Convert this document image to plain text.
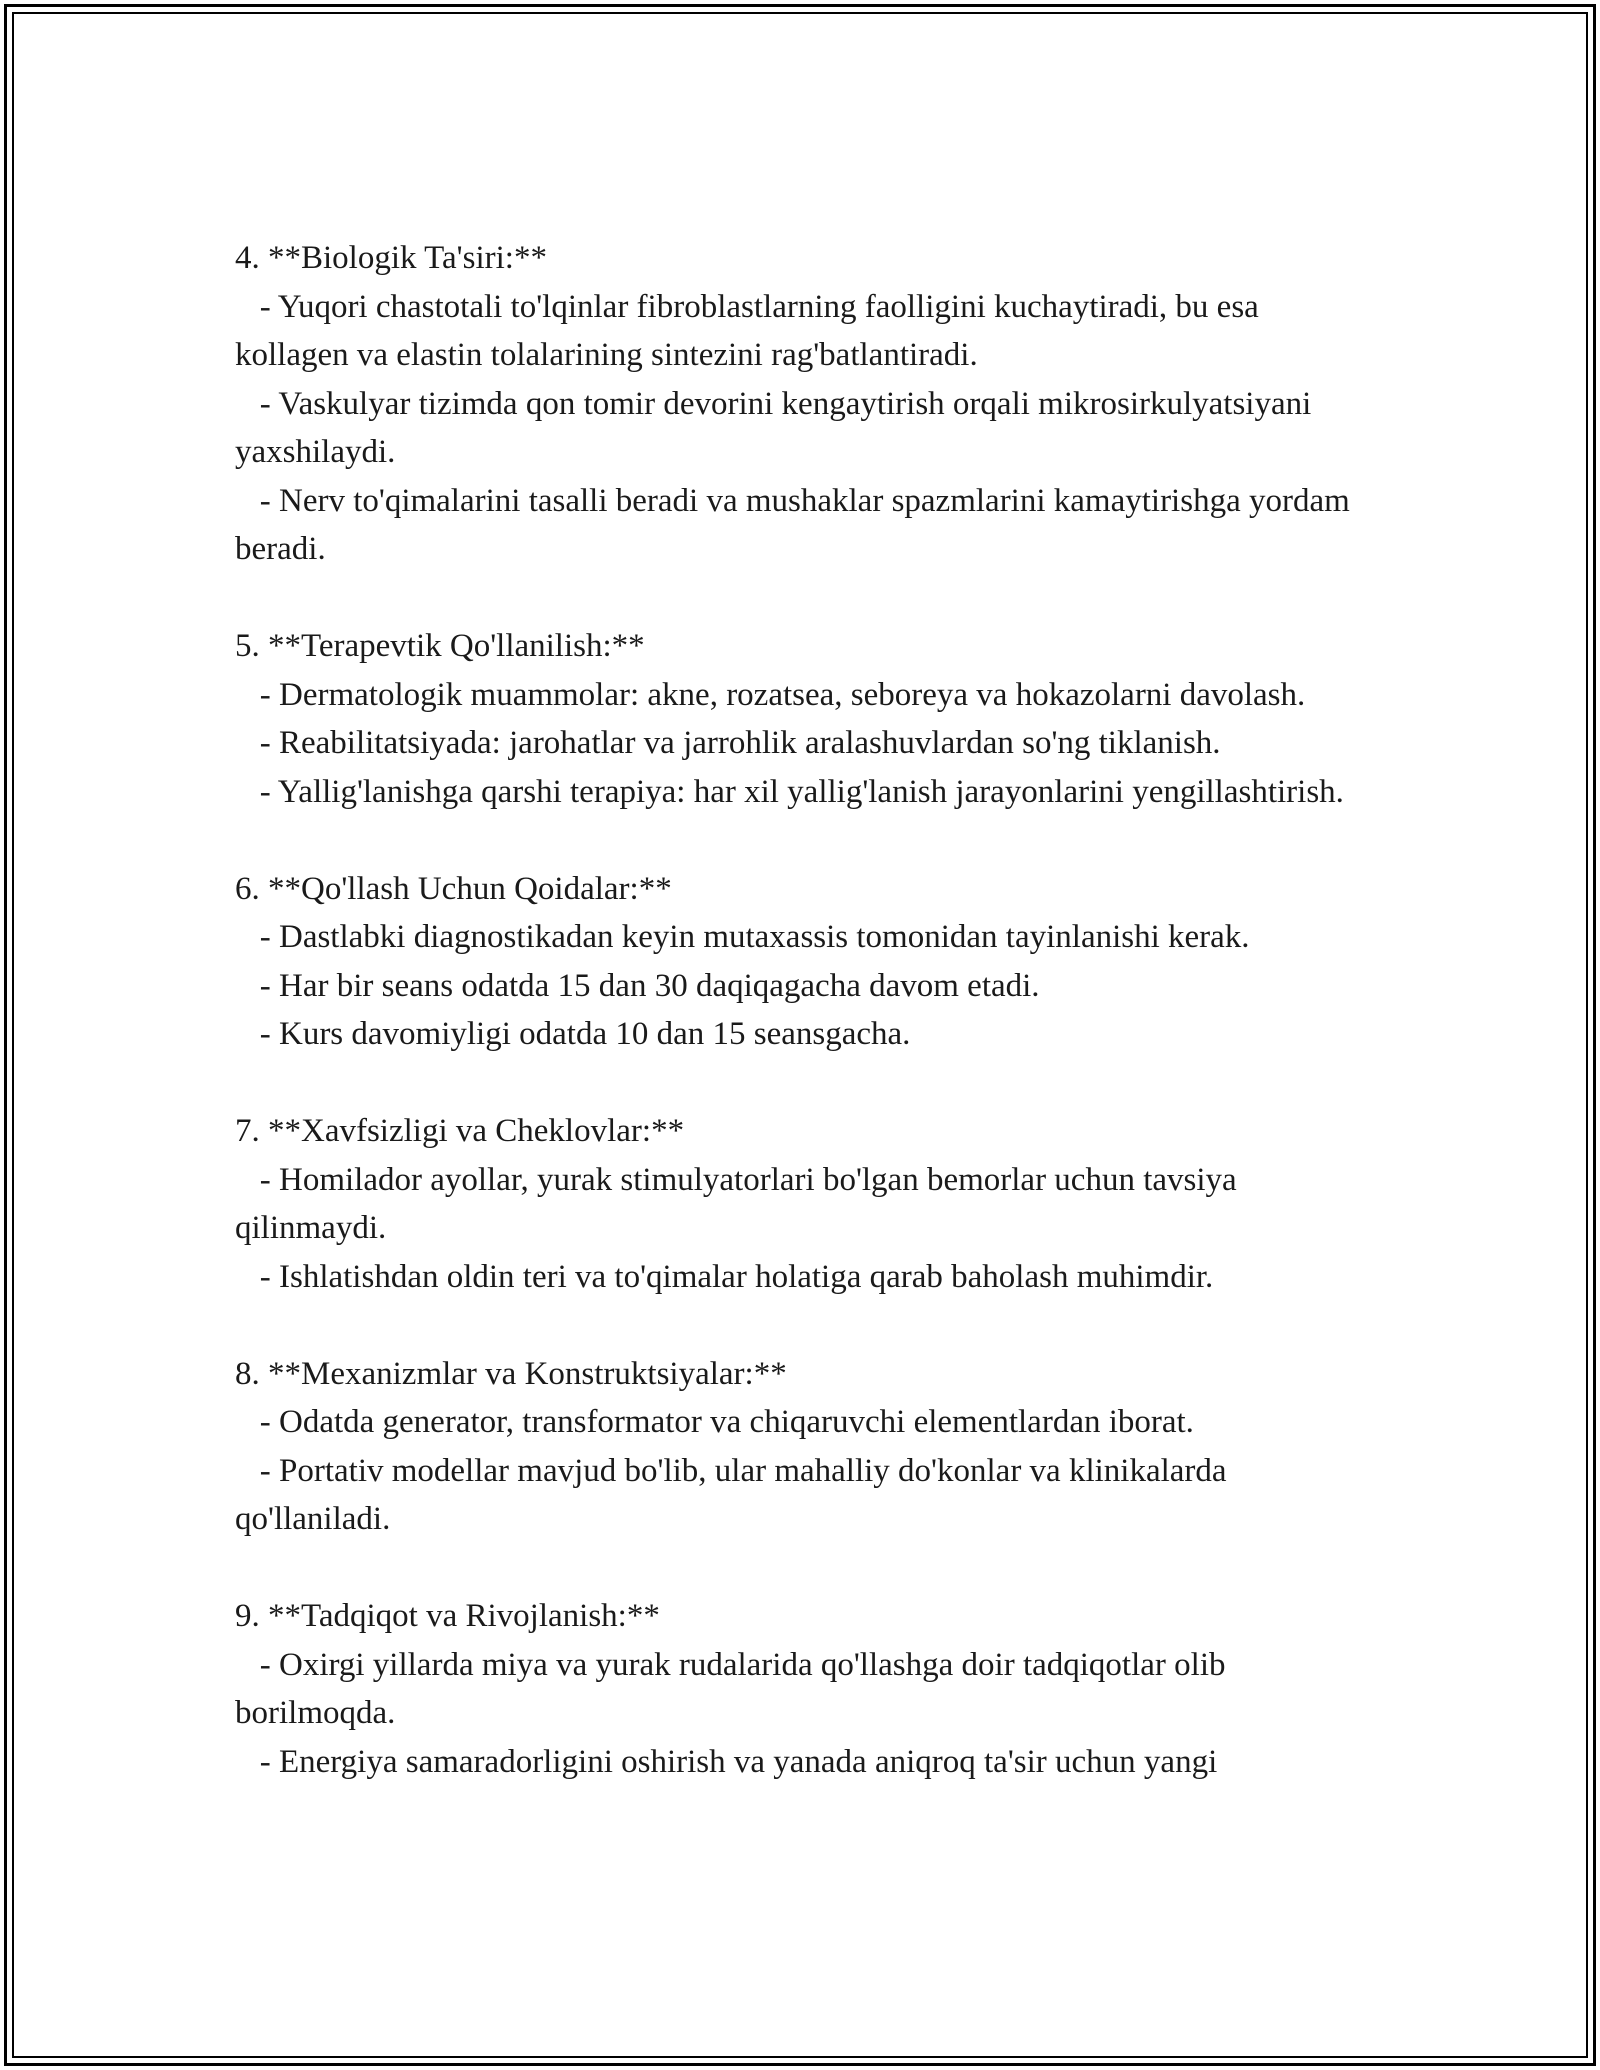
4. **Biologik Ta'siri:**
- Yuqori chastotali to'lqinlar fibroblastlarning faolligini kuchaytiradi, bu esa kollagen va elastin tolalarining sintezini rag'batlantiradi.
- Vaskulyar tizimda qon tomir devorini kengaytirish orqali mikrosirkulyatsiyani yaxshilaydi.
- Nerv to'qimalarini tasalli beradi va mushaklar spazmlarini kamaytirishga yordam beradi.
5. **Terapevtik Qo'llanilish:**
- Dermatologik muammolar: akne, rozatsea, seboreya va hokazolarni davolash.
- Reabilitatsiyada: jarohatlar va jarrohlik aralashuvlardan so'ng tiklanish.
- Yallig'lanishga qarshi terapiya: har xil yallig'lanish jarayonlarini yengillashtirish.
6. **Qo'llash Uchun Qoidalar:**
- Dastlabki diagnostikadan keyin mutaxassis tomonidan tayinlanishi kerak.
- Har bir seans odatda 15 dan 30 daqiqagacha davom etadi.
- Kurs davomiyligi odatda 10 dan 15 seansgacha.
7. **Xavfsizligi va Cheklovlar:**
- Homilador ayollar, yurak stimulyatorlari bo'lgan bemorlar uchun tavsiya qilinmaydi.
- Ishlatishdan oldin teri va to'qimalar holatiga qarab baholash muhimdir.
8. **Mexanizmlar va Konstruktsiyalar:**
- Odatda generator, transformator va chiqaruvchi elementlardan iborat.
- Portativ modellar mavjud bo'lib, ular mahalliy do'konlar va klinikalarda qo'llaniladi.
9. **Tadqiqot va Rivojlanish:**
- Oxirgi yillarda miya va yurak rudalarida qo'llashga doir tadqiqotlar olib borilmoqda.
- Energiya samaradorligini oshirish va yanada aniqroq ta'sir uchun yangi
